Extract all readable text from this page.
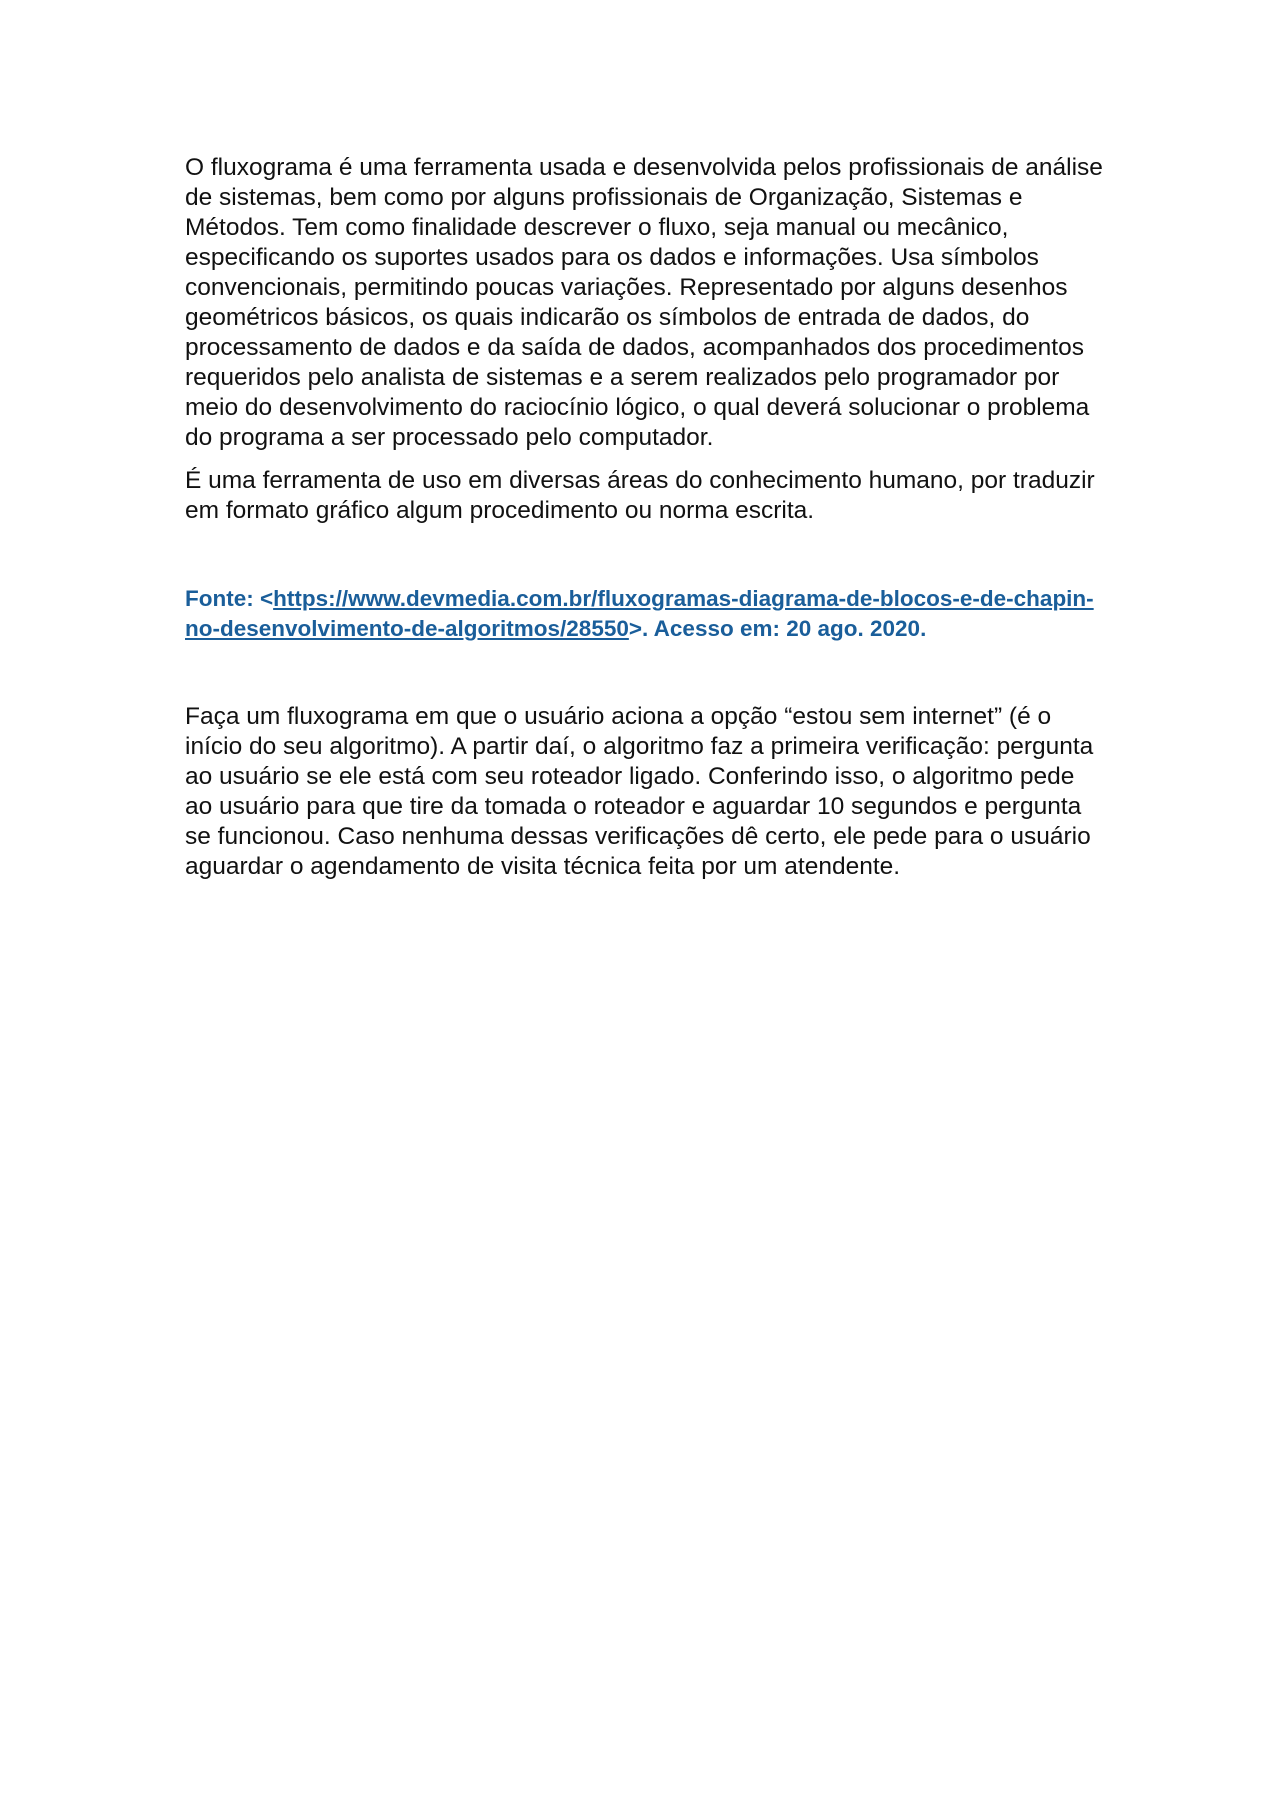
O fluxograma é uma ferramenta usada e desenvolvida pelos profissionais de análise de sistemas, bem como por alguns profissionais de Organização, Sistemas e Métodos. Tem como finalidade descrever o fluxo, seja manual ou mecânico, especificando os suportes usados para os dados e informações. Usa símbolos convencionais, permitindo poucas variações. Representado por alguns desenhos geométricos básicos, os quais indicarão os símbolos de entrada de dados, do processamento de dados e da saída de dados, acompanhados dos procedimentos requeridos pelo analista de sistemas e a serem realizados pelo programador por meio do desenvolvimento do raciocínio lógico, o qual deverá solucionar o problema do programa a ser processado pelo computador.

É uma ferramenta de uso em diversas áreas do conhecimento humano, por traduzir em formato gráfico algum procedimento ou norma escrita.

Fonte: <https://www.devmedia.com.br/fluxogramas-diagrama-de-blocos-e-de-chapin-no-desenvolvimento-de-algoritmos/28550>. Acesso em: 20 ago. 2020.

Faça um fluxograma em que o usuário aciona a opção “estou sem internet” (é o início do seu algoritmo). A partir daí, o algoritmo faz a primeira verificação: pergunta ao usuário se ele está com seu roteador ligado. Conferindo isso, o algoritmo pede ao usuário para que tire da tomada o roteador e aguardar 10 segundos e pergunta se funcionou. Caso nenhuma dessas verificações dê certo, ele pede para o usuário aguardar o agendamento de visita técnica feita por um atendente.
